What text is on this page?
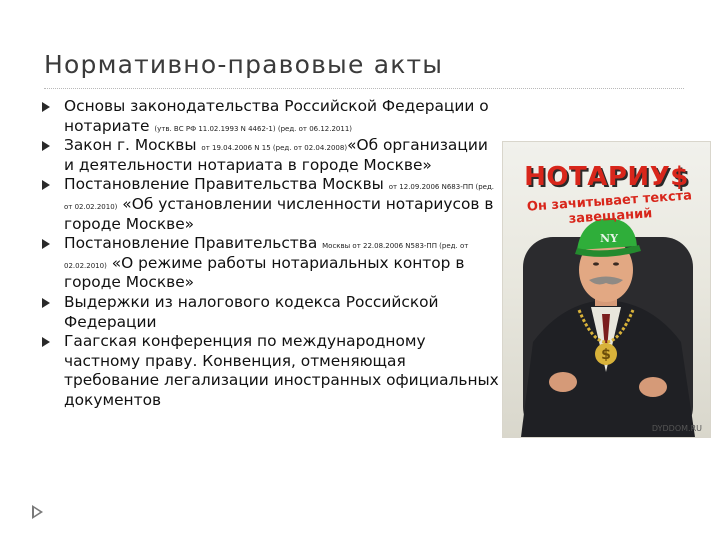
Нормативно-правовые акты
Основы законодательства Российской Федерации о нотариате (утв. ВС РФ 11.02.1993 N 4462-1) (ред. от 06.12.2011)
Закон г. Москвы от 19.04.2006 N 15 (ред. от 02.04.2008)«Об организации и деятельности нотариата в городе Москве»
Постановление Правительства Москвы от 12.09.2006 N683-ПП (ред. от 02.02.2010) «Об установлении численности нотариусов в городе Москве»
Постановление Правительства Москвы от 22.08.2006 N583-ПП (ред. от 02.02.2010) «О режиме работы нотариальных контор в городе Москве»
Выдержки из налогового кодекса Российской Федерации
Гаагская конференция по международному частному праву. Конвенция, отменяющая требование легализации иностранных официальных документов
$
NY
НОТАРИУ$
Он зачитывает текста завещаний
DYDDOM.RU
